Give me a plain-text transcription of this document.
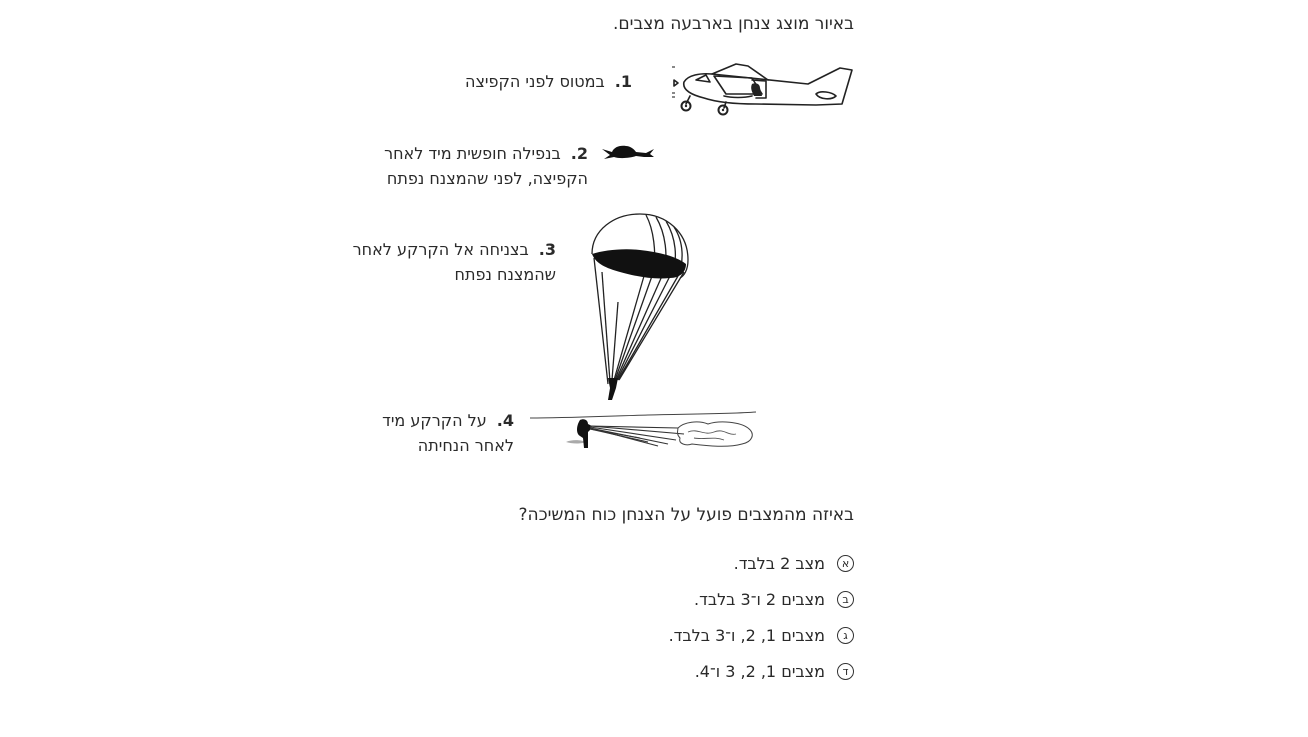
באיור מוצג צנחן בארבעה מצבים.
1.במטוס לפני הקפיצה
2.בנפילה חופשית מיד לאחר
הקפיצה, לפני שהמצנח נפתח
3.בצניחה אל הקרקע לאחר
שהמצנח נפתח
4.על הקרקע מיד
לאחר הנחיתה
באיזה מהמצבים פועל על הצנחן כוח המשיכה?
א
מצב 2 בלבד.
ב
מצבים 2 ו־3 בלבד.
ג
מצבים 1, 2, ו־3 בלבד.
ד
מצבים 1, 2, 3 ו־4.
